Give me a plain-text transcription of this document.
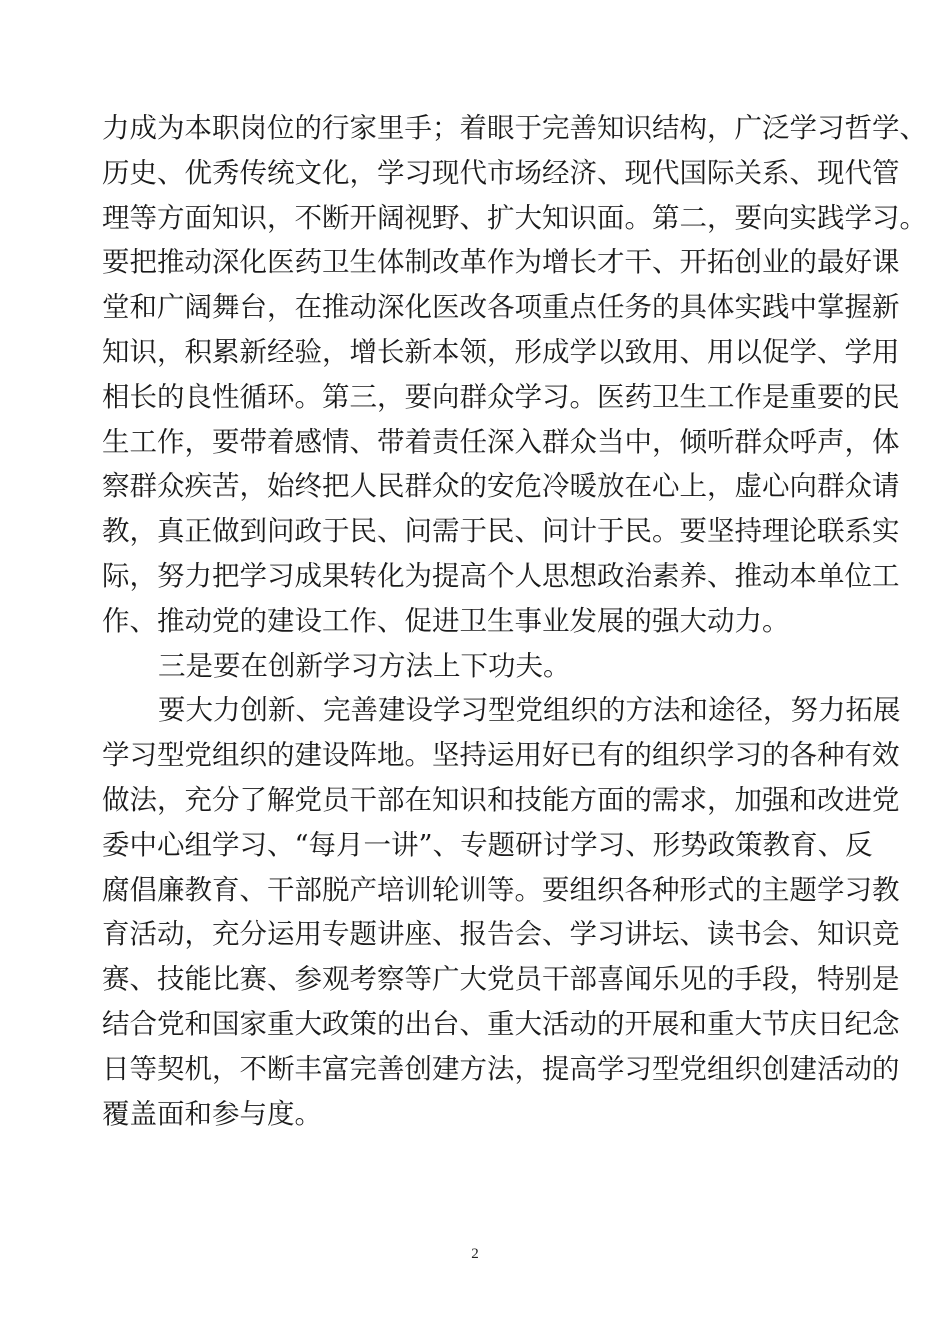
力成为本职岗位的行家里手；着眼于完善知识结构，广泛学习哲学、
历史、优秀传统文化，学习现代市场经济、现代国际关系、现代管
理等方面知识，不断开阔视野、扩大知识面。第二，要向实践学习。
要把推动深化医药卫生体制改革作为增长才干、开拓创业的最好课
堂和广阔舞台，在推动深化医改各项重点任务的具体实践中掌握新
知识，积累新经验，增长新本领，形成学以致用、用以促学、学用
相长的良性循环。第三，要向群众学习。医药卫生工作是重要的民
生工作，要带着感情、带着责任深入群众当中，倾听群众呼声，体
察群众疾苦，始终把人民群众的安危冷暖放在心上，虚心向群众请
教，真正做到问政于民、问需于民、问计于民。要坚持理论联系实
际，努力把学习成果转化为提高个人思想政治素养、推动本单位工
作、推动党的建设工作、促进卫生事业发展的强大动力。
三是要在创新学习方法上下功夫。
要大力创新、完善建设学习型党组织的方法和途径，努力拓展
学习型党组织的建设阵地。坚持运用好已有的组织学习的各种有效
做法，充分了解党员干部在知识和技能方面的需求，加强和改进党
委中心组学习、“每月一讲”、专题研讨学习、形势政策教育、反
腐倡廉教育、干部脱产培训轮训等。要组织各种形式的主题学习教
育活动，充分运用专题讲座、报告会、学习讲坛、读书会、知识竞
赛、技能比赛、参观考察等广大党员干部喜闻乐见的手段，特别是
结合党和国家重大政策的出台、重大活动的开展和重大节庆日纪念
日等契机，不断丰富完善创建方法，提高学习型党组织创建活动的
覆盖面和参与度。
2
